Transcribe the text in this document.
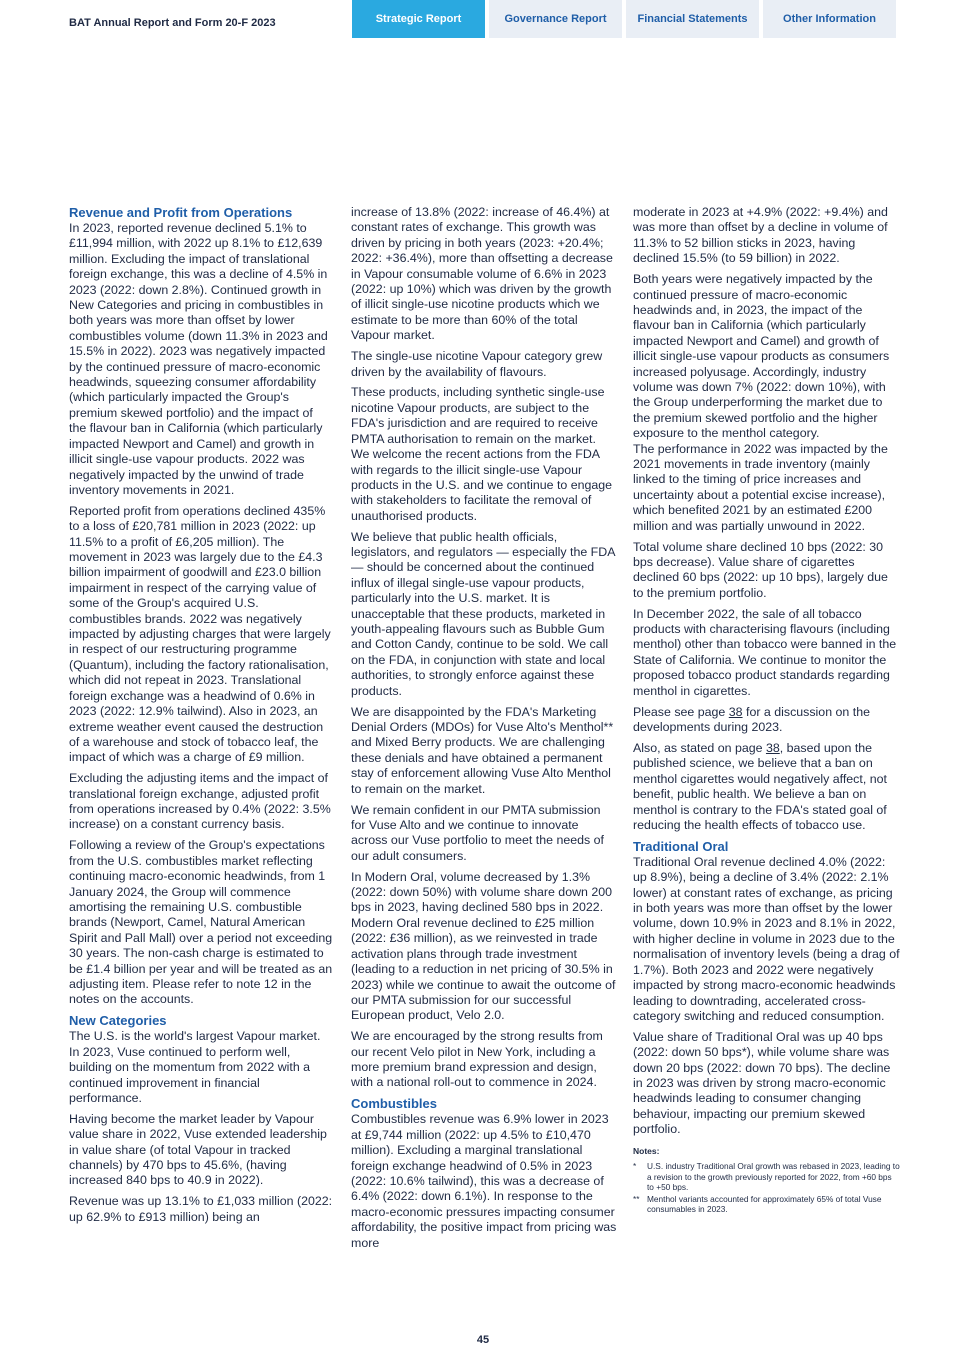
BAT Annual Report and Form 20-F 2023	Strategic Report	Governance Report	Financial Statements	Other Information
Revenue and Profit from Operations

In 2023, reported revenue declined 5.1% to £11,994 million, with 2022 up 8.1% to £12,639 million. Excluding the impact of translational foreign exchange, this was a decline of 4.5% in 2023 (2022: down 2.8%). Continued growth in New Categories and pricing in combustibles in both years was more than offset by lower combustibles volume (down 11.3% in 2023 and 15.5% in 2022). 2023 was negatively impacted by the continued pressure of macro-economic headwinds, squeezing consumer affordability (which particularly impacted the Group's premium skewed portfolio) and the impact of the flavour ban in California (which particularly impacted Newport and Camel) and growth in illicit single-use vapour products. 2022 was negatively impacted by the unwind of trade inventory movements in 2021.

Reported profit from operations declined 435% to a loss of £20,781 million in 2023 (2022: up 11.5% to a profit of £6,205 million). The movement in 2023 was largely due to the £4.3 billion impairment of goodwill and £23.0 billion impairment in respect of the carrying value of some of the Group's acquired U.S. combustibles brands. 2022 was negatively impacted by adjusting charges that were largely in respect of our restructuring programme (Quantum), including the factory rationalisation, which did not repeat in 2023. Translational foreign exchange was a headwind of 0.6% in 2023 (2022: 12.9% tailwind). Also in 2023, an extreme weather event caused the destruction of a warehouse and stock of tobacco leaf, the impact of which was a charge of £9 million.

Excluding the adjusting items and the impact of translational foreign exchange, adjusted profit from operations increased by 0.4% (2022: 3.5% increase) on a constant currency basis.

Following a review of the Group's expectations from the U.S. combustibles market reflecting continuing macro-economic headwinds, from 1 January 2024, the Group will commence amortising the remaining U.S. combustible brands (Newport, Camel, Natural American Spirit and Pall Mall) over a period not exceeding 30 years. The non-cash charge is estimated to be £1.4 billion per year and will be treated as an adjusting item. Please refer to note 12 in the notes on the accounts.

New Categories

The U.S. is the world's largest Vapour market. In 2023, Vuse continued to perform well, building on the momentum from 2022 with a continued improvement in financial performance.

Having become the market leader by Vapour value share in 2022, Vuse extended leadership in value share (of total Vapour in tracked channels) by 470 bps to 45.6%, (having increased 840 bps to 40.9 in 2022).

Revenue was up 13.1% to £1,033 million (2022: up 62.9% to £913 million) being an

increase of 13.8% (2022: increase of 46.4%) at constant rates of exchange. This growth was driven by pricing in both years (2023: +20.4%; 2022: +36.4%), more than offsetting a decrease in Vapour consumable volume of 6.6% in 2023 (2022: up 10%) which was driven by the growth of illicit single-use nicotine products which we estimate to be more than 60% of the total Vapour market.

The single-use nicotine Vapour category grew driven by the availability of flavours.

These products, including synthetic single-use nicotine Vapour products, are subject to the FDA's jurisdiction and are required to receive PMTA authorisation to remain on the market. We welcome the recent actions from the FDA with regards to the illicit single-use Vapour products in the U.S. and we continue to engage with stakeholders to facilitate the removal of unauthorised products.

We believe that public health officials, legislators, and regulators — especially the FDA — should be concerned about the continued influx of illegal single-use vapour products, particularly into the U.S. market. It is unacceptable that these products, marketed in youth-appealing flavours such as Bubble Gum and Cotton Candy, continue to be sold. We call on the FDA, in conjunction with state and local authorities, to strongly enforce against these products.

We are disappointed by the FDA's Marketing Denial Orders (MDOs) for Vuse Alto's Menthol** and Mixed Berry products. We are challenging these denials and have obtained a permanent stay of enforcement allowing Vuse Alto Menthol to remain on the market.

We remain confident in our PMTA submission for Vuse Alto and we continue to innovate across our Vuse portfolio to meet the needs of our adult consumers.

In Modern Oral, volume decreased by 1.3% (2022: down 50%) with volume share down 200 bps in 2023, having declined 580 bps in 2022. Modern Oral revenue declined to £25 million (2022: £36 million), as we reinvested in trade activation plans through trade investment (leading to a reduction in net pricing of 30.5% in 2023) while we continue to await the outcome of our PMTA submission for our successful European product, Velo 2.0.

We are encouraged by the strong results from our recent Velo pilot in New York, including a more premium brand expression and design, with a national roll-out to commence in 2024.

Combustibles

Combustibles revenue was 6.9% lower in 2023 at £9,744 million (2022: up 4.5% to £10,470 million). Excluding a marginal translational foreign exchange headwind of 0.5% in 2023 (2022: 10.6% tailwind), this was a decrease of 6.4% (2022: down 6.1%). In response to the macro-economic pressures impacting consumer affordability, the positive impact from pricing was more

moderate in 2023 at +4.9% (2022: +9.4%) and was more than offset by a decline in volume of 11.3% to 52 billion sticks in 2023, having declined 15.5% (to 59 billion) in 2022.

Both years were negatively impacted by the continued pressure of macro-economic headwinds and, in 2023, the impact of the flavour ban in California (which particularly impacted Newport and Camel) and growth of illicit single-use vapour products as consumers increased polyusage. Accordingly, industry volume was down 7% (2022: down 10%), with the Group underperforming the market due to the premium skewed portfolio and the higher exposure to the menthol category.

The performance in 2022 was impacted by the 2021 movements in trade inventory (mainly linked to the timing of price increases and uncertainty about a potential excise increase), which benefited 2021 by an estimated £200 million and was partially unwound in 2022.

Total volume share declined 10 bps (2022: 30 bps decrease). Value share of cigarettes declined 60 bps (2022: up 10 bps), largely due to the premium portfolio.

In December 2022, the sale of all tobacco products with characterising flavours (including menthol) other than tobacco were banned in the State of California. We continue to monitor the proposed tobacco product standards regarding menthol in cigarettes.

Please see page 38 for a discussion on the developments during 2023.

Also, as stated on page 38, based upon the published science, we believe that a ban on menthol cigarettes would negatively affect, not benefit, public health. We believe a ban on menthol is contrary to the FDA's stated goal of reducing the health effects of tobacco use.

Traditional Oral

Traditional Oral revenue declined 4.0% (2022: up 8.9%), being a decline of 3.4% (2022: 2.1% lower) at constant rates of exchange, as pricing in both years was more than offset by the lower volume, down 10.9% in 2023 and 8.1% in 2022, with higher decline in volume in 2023 due to the normalisation of inventory levels (being a drag of 1.7%). Both 2023 and 2022 were negatively impacted by strong macro-economic headwinds leading to downtrading, accelerated cross-category switching and reduced consumption.

Value share of Traditional Oral was up 40 bps (2022: down 50 bps*), while volume share was down 20 bps (2022: down 70 bps). The decline in 2023 was driven by strong macro-economic headwinds leading to consumer changing behaviour, impacting our premium skewed portfolio.

Notes:
*	U.S. industry Traditional Oral growth was rebased in 2023, leading to a revision to the growth previously reported for 2022, from +60 bps to +50 bps.
** Menthol variants accounted for approximately 65% of total Vuse consumables in 2023.
45
